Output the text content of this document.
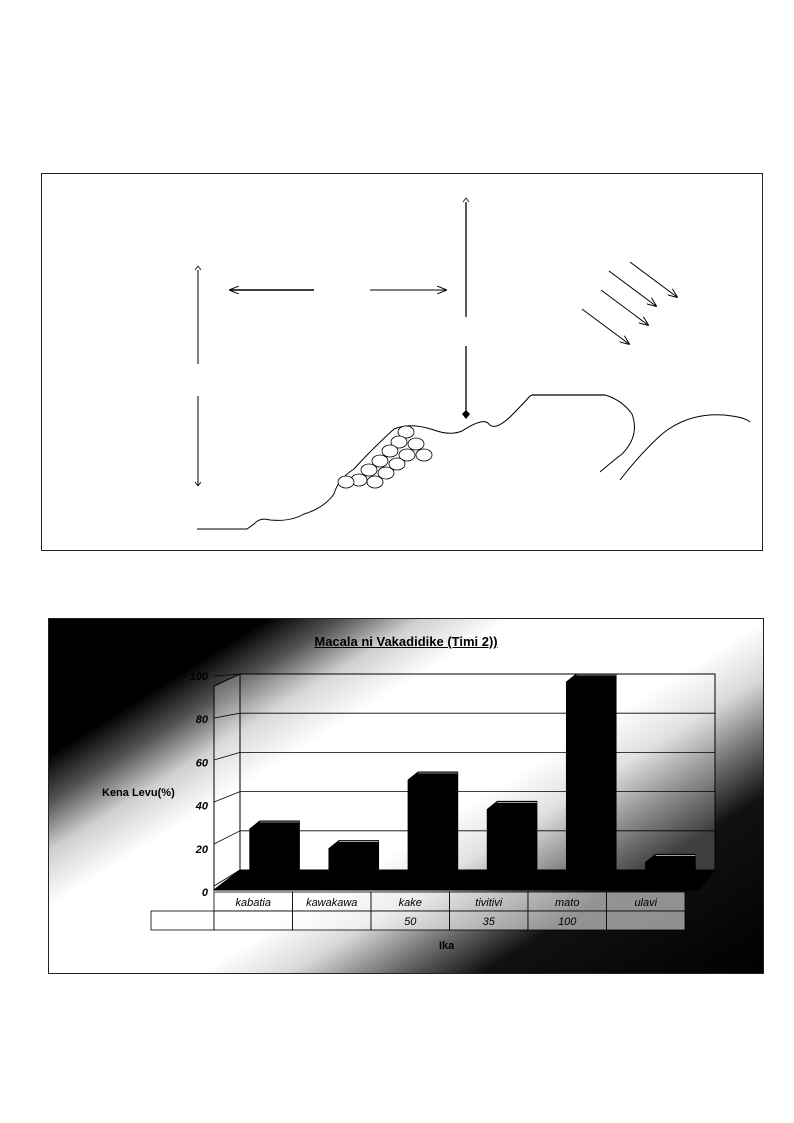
0
20
40
60
80
100
kabatia	kawakawa	kake
50
tivitivi
35
mato
100
ulavi
Macala ni Vakadidike (Timi 2))
Kena Levu(%)
Ika
